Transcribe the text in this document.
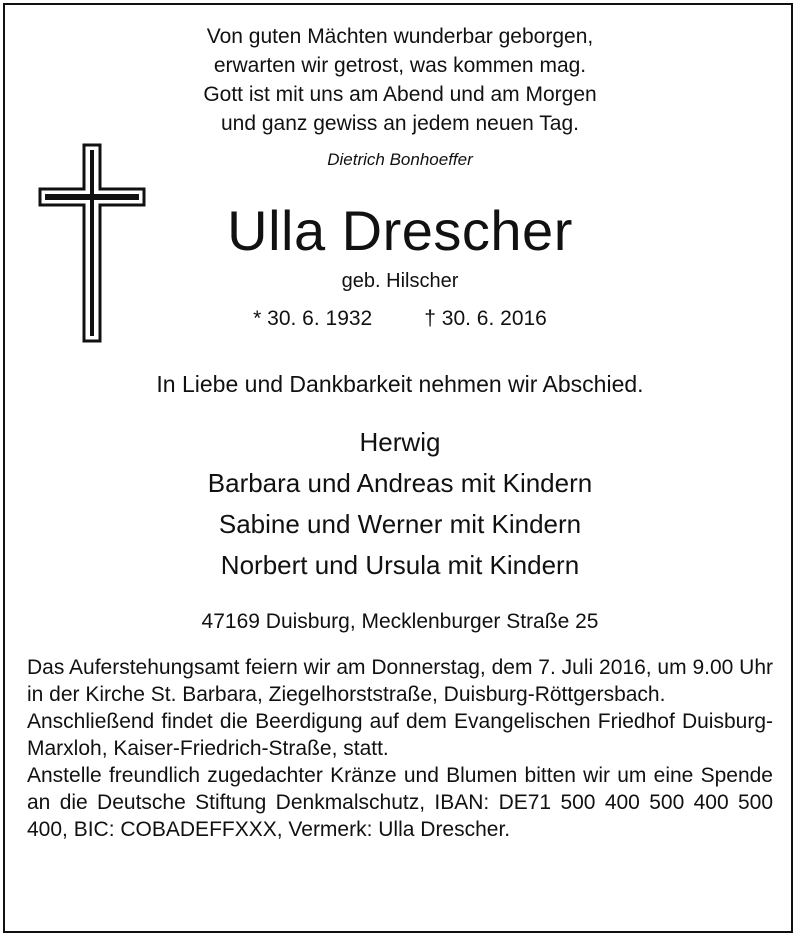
Von guten Mächten wunderbar geborgen,
erwarten wir getrost, was kommen mag.
Gott ist mit uns am Abend und am Morgen
und ganz gewiss an jedem neuen Tag.
Dietrich Bonhoeffer
Ulla Drescher
geb. Hilscher
* 30. 6. 1932 † 30. 6. 2016
In Liebe und Dankbarkeit nehmen wir Abschied.
Herwig
Barbara und Andreas mit Kindern
Sabine und Werner mit Kindern
Norbert und Ursula mit Kindern
47169 Duisburg, Mecklenburger Straße 25

Das Auferstehungsamt feiern wir am Donnerstag, dem 7. Juli 2016, um 9.00 Uhr in der Kirche St. Barbara, Ziegelhorststraße, Duisburg-Röttgersbach.

Anschließend findet die Beerdigung auf dem Evangelischen Friedhof Duisburg-Marxloh, Kaiser-Friedrich-Straße, statt.

Anstelle freundlich zugedachter Kränze und Blumen bitten wir um eine Spende an die Deutsche Stiftung Denkmalschutz, IBAN: DE71 500 400 500 400 500 400, BIC: COBADEFFXXX, Vermerk: Ulla Drescher.
